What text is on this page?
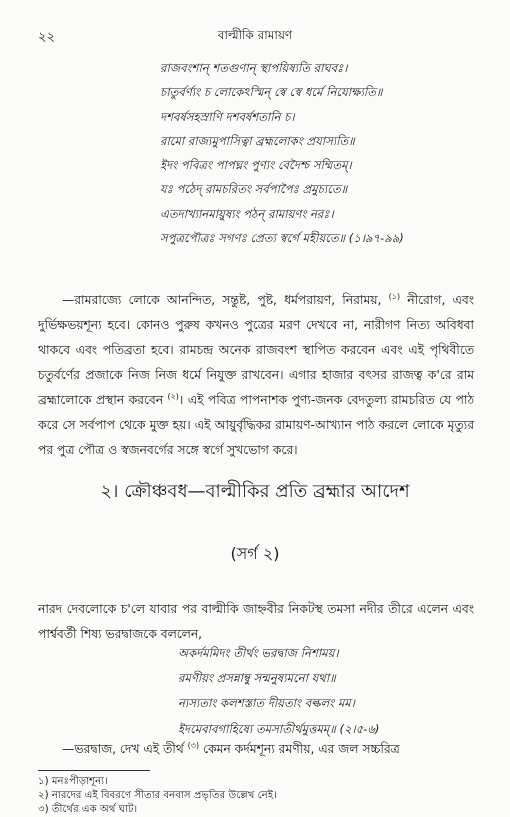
২২	বাল্মীকি রামায়ণ
রাজবংশান্ শতগুণান্ স্থাপয়িষ্যতি রাঘবঃ।
চাতুর্বর্ণ্যং চ লোকেঽস্মিন্ স্বে স্বে ধর্মে নিযোক্ষ্যতি॥
দশবর্ষসহস্রাণি দশবর্ষশতানি চ।
রামো রাজ্যমুপাসিত্বা ব্রহ্মলোকং প্রযাস্যতি॥
ইদং পবিত্রং পাপঘ্নং পুণ্যং বেদৈশ্চ সম্মিতম্।
যঃ পঠেদ্ রামচরিতং সর্বপাপৈঃ প্রমুচ্যতে॥
এতদাখ্যানমায়ুষ্যং পঠন্ রামায়ণং নরঃ।
সপুত্রপৌত্রঃ সগণঃ প্রেত্য স্বর্গে মহীয়তে॥ (১।৯৭-৯৯)
—রামরাজ্যে লোকে আনন্দিত, সন্তুষ্ট, পুষ্ট, ধর্মপরায়ণ, নিরাময়, $^{(১)}$ নীরোগ, এবং দুর্ভিক্ষভয়শূন্য হবে। কোনও পুরুষ কখনও পুত্রের মরণ দেখবে না, নারীগণ নিত্য অবিধবা থাকবে এবং পতিব্রতা হবে। রামচন্দ্র অনেক রাজবংশ স্থাপিত করবেন এবং এই পৃথিবীতে চতুর্বর্ণের প্রজাকে নিজ নিজ ধর্মে নিযুক্ত রাখবেন। এগার হাজার বৎসর রাজত্ব ক'রে রাম ব্রহ্মালোকে প্রস্থান করবেন $^{(২)}$। এই পবিত্র পাপনাশক পুণ্য-জনক বেদতুল্য রামচরিত যে পাঠ করে সে সর্বপাপ থেকে মুক্ত হয়। এই আয়ুর্বৃদ্ধিকর রামায়ণ-আখ্যান পাঠ করলে লোকে মৃত্যুর পর পুত্র পৌত্র ও স্বজনবর্গের সঙ্গে স্বর্গে সুখভোগ করে।
২। ক্রৌঞ্চবধ—বাল্মীকির প্রতি ব্রহ্মার আদেশ
(সর্গ ২)
নারদ দেবলোকে চ'লে যাবার পর বাল্মীকি জাহ্নবীর নিকটস্থ তমসা নদীর তীরে এলেন এবং পার্শ্ববর্তী শিষ্য ভরদ্বাজকে বললেন,
অকর্দমমিদং তীর্থং ভরদ্বাজ নিশাময়।
রমণীয়ং প্রসন্নাম্বু সন্মনুষ্যমনো যথা॥
ন্যস্যতাং কলশস্তাত দীয়তাং বল্কলং মম।
ইদমেবাবগাহিষ্যে তমসাতীর্থমুত্তমম্॥ (২।৫-৬)
—ভরদ্বাজ, দেখ এই তীর্থ $^{(৩)}$ কেমন কর্দমশূন্য রমণীয়, এর জল সচ্চরিত্র
১) মনঃপীড়াশূন্য।
২) নারদের এই বিবরণে সীতার বনবাস প্রভৃতির উল্লেখ নেই।
৩) তীর্থের এক অর্থ ঘাট।
